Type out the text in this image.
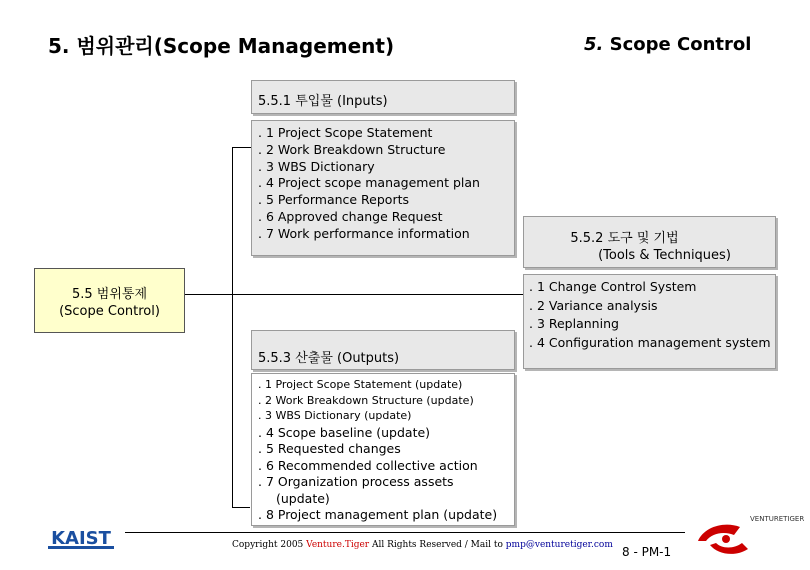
5. 범위관리(Scope Management)	5. Scope Control
5.5.1 투입물 (Inputs)
. 1 Project Scope Statement
. 2 Work Breakdown Structure
. 3 WBS Dictionary
. 4 Project scope management plan
. 5 Performance Reports
. 6 Approved change Request
. 7 Work performance information
5.5 범위통제
(Scope Control)
5.5.2 도구 및 기법
(Tools & Techniques)
. 1 Change Control System
. 2 Variance analysis
. 3 Replanning
. 4 Configuration management system
5.5.3 산출물 (Outputs)
. 1 Project Scope Statement (update)
. 2 Work Breakdown Structure (update)
. 3 WBS Dictionary (update)
. 4 Scope baseline (update)
. 5 Requested changes
. 6 Recommended collective action
. 7 Organization process assets
(update)
. 8 Project management plan (update)
KAIST	Copyright 2005 Venture.Tiger All Rights Reserved / Mail to pmp@venturetiger.com 8 - PM-1
VENTURETIGER
